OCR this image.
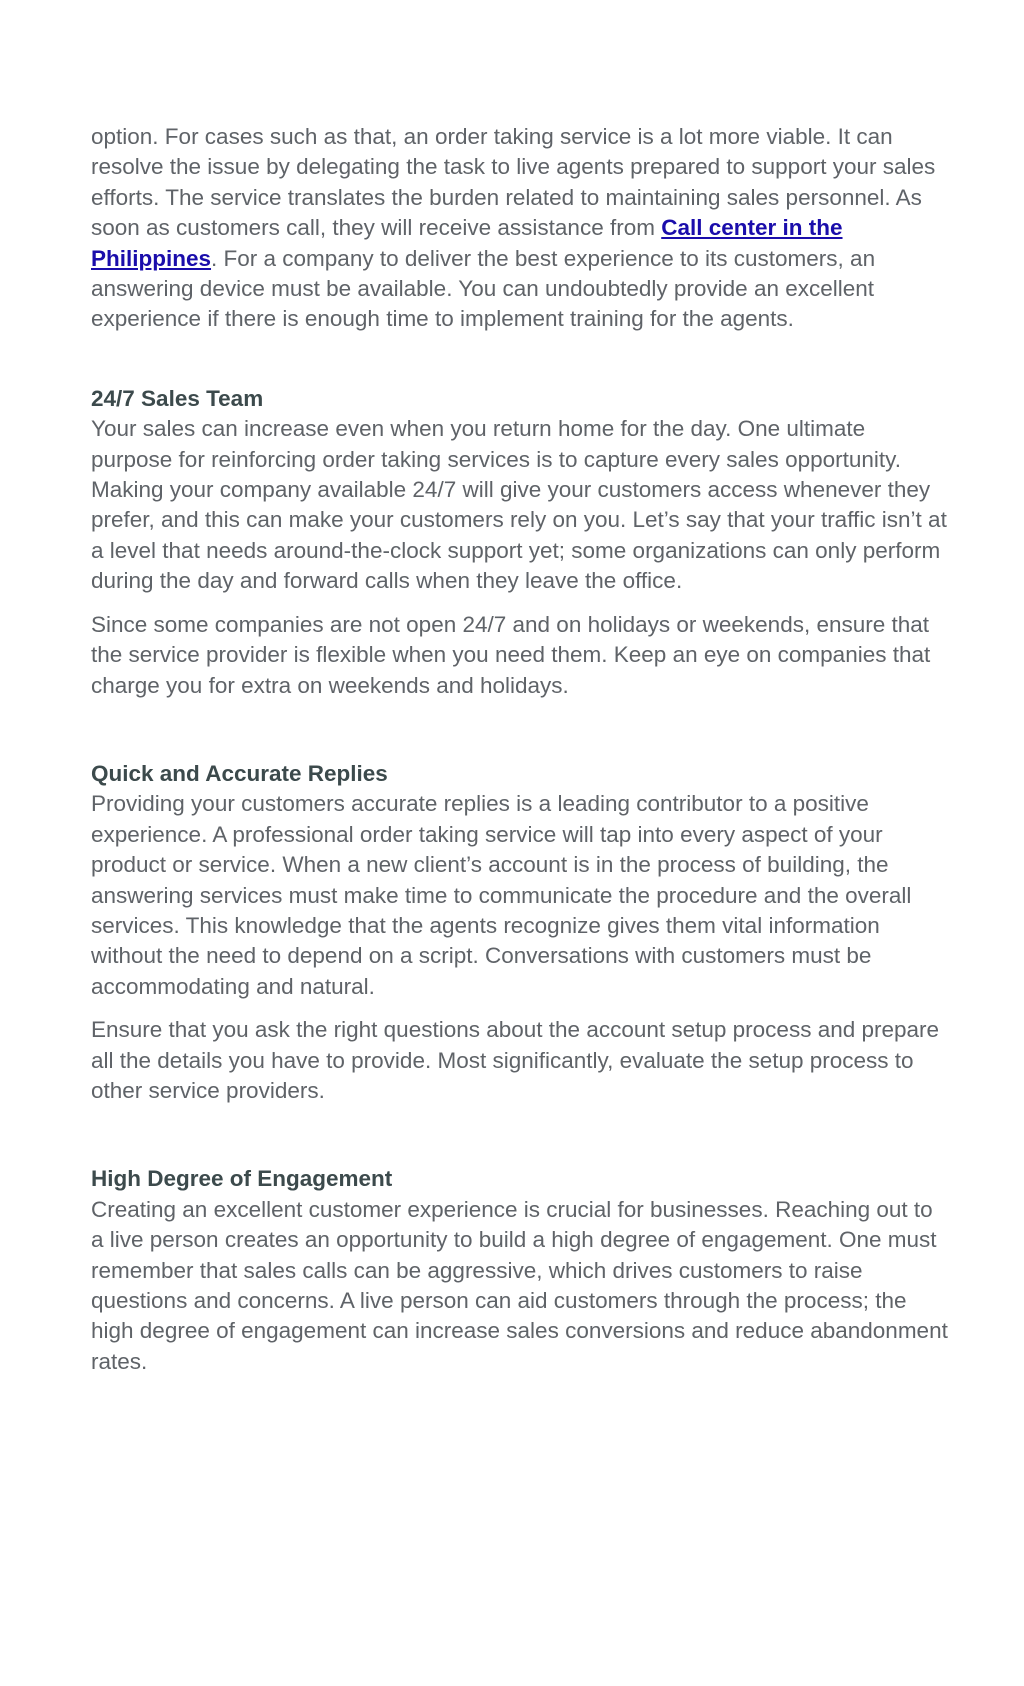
option. For cases such as that, an order taking service is a lot more viable. It can resolve the issue by delegating the task to live agents prepared to support your sales efforts. The service translates the burden related to maintaining sales personnel. As soon as customers call, they will receive assistance from Call center in the Philippines. For a company to deliver the best experience to its customers, an answering device must be available. You can undoubtedly provide an excellent experience if there is enough time to implement training for the agents.

24/7 Sales Team

Your sales can increase even when you return home for the day. One ultimate purpose for reinforcing order taking services is to capture every sales opportunity. Making your company available 24/7 will give your customers access whenever they prefer, and this can make your customers rely on you. Let’s say that your traffic isn’t at a level that needs around-the-clock support yet; some organizations can only perform during the day and forward calls when they leave the office.

Since some companies are not open 24/7 and on holidays or weekends, ensure that the service provider is flexible when you need them. Keep an eye on companies that charge you for extra on weekends and holidays.

Quick and Accurate Replies

Providing your customers accurate replies is a leading contributor to a positive experience. A professional order taking service will tap into every aspect of your product or service. When a new client’s account is in the process of building, the answering services must make time to communicate the procedure and the overall services. This knowledge that the agents recognize gives them vital information without the need to depend on a script. Conversations with customers must be accommodating and natural.

Ensure that you ask the right questions about the account setup process and prepare all the details you have to provide. Most significantly, evaluate the setup process to other service providers.

High Degree of Engagement

Creating an excellent customer experience is crucial for businesses. Reaching out to a live person creates an opportunity to build a high degree of engagement. One must remember that sales calls can be aggressive, which drives customers to raise questions and concerns. A live person can aid customers through the process; the high degree of engagement can increase sales conversions and reduce abandonment rates.
